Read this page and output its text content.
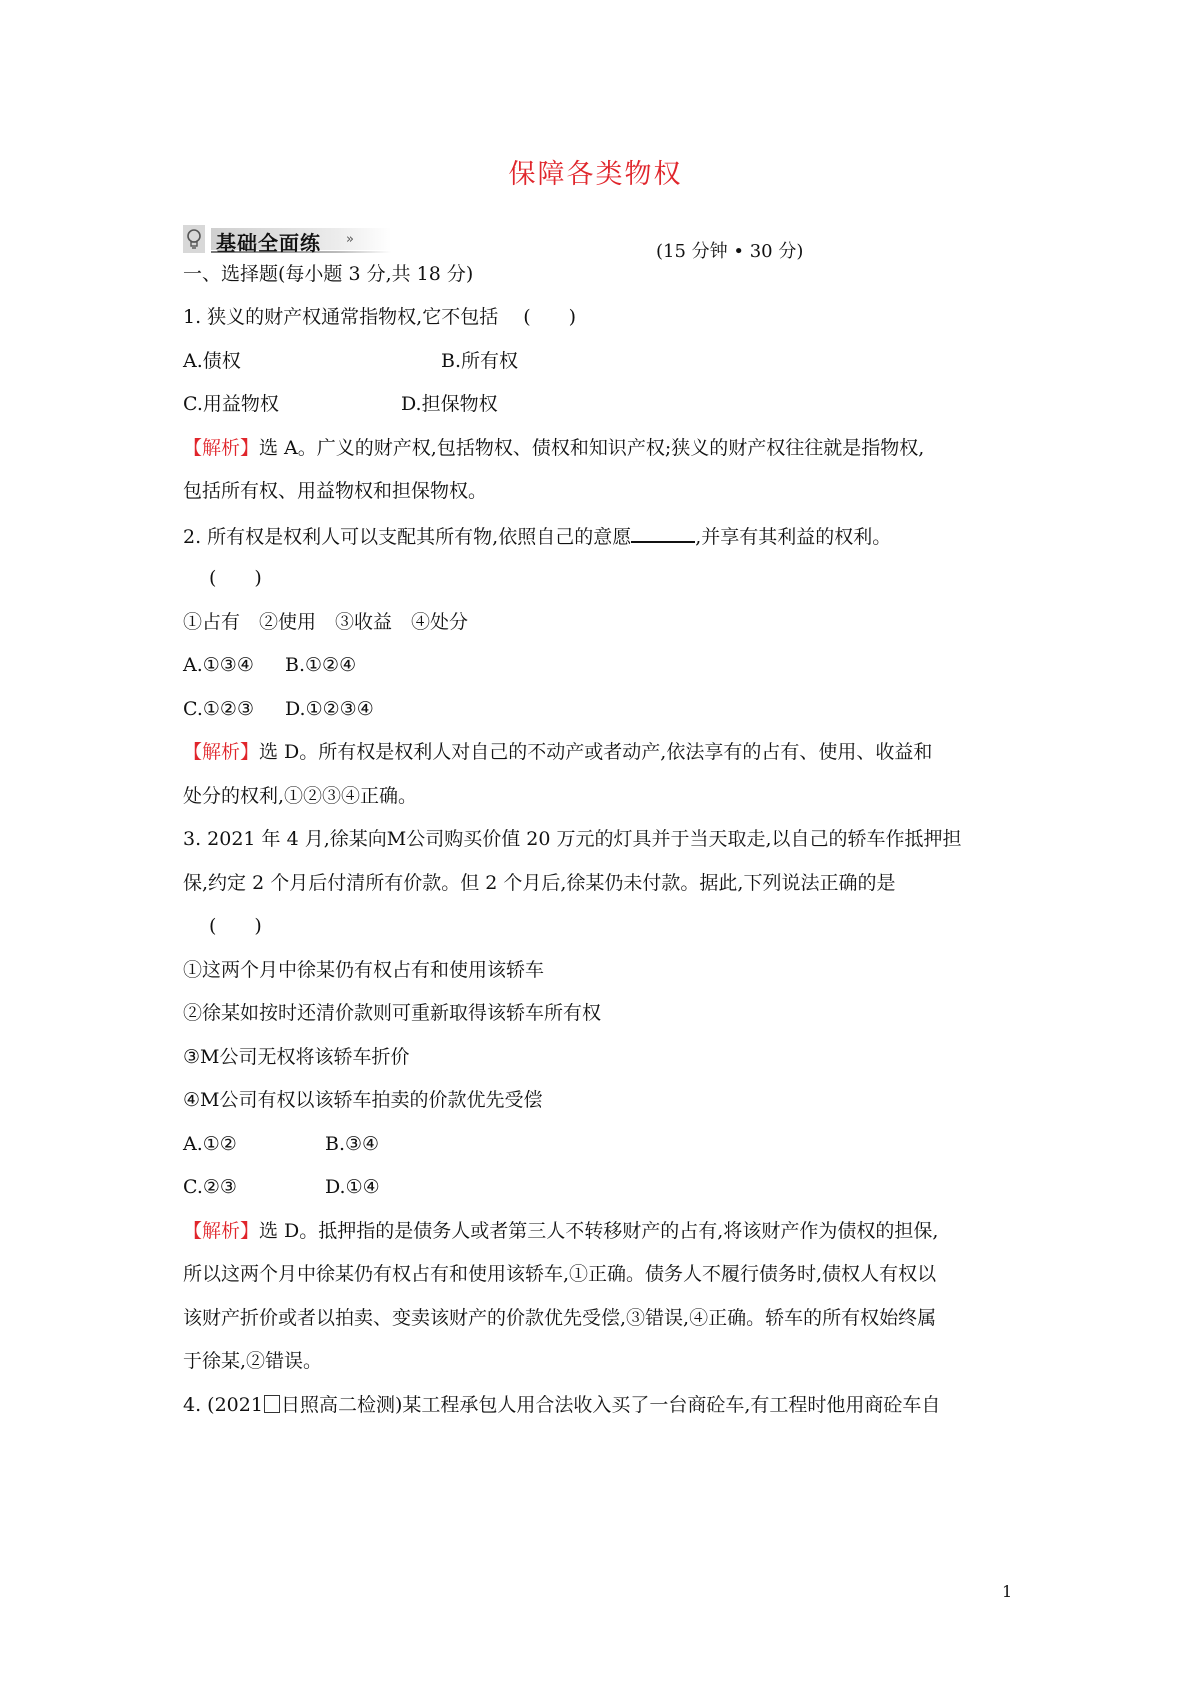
保障各类物权
基础全面练 »
(15 分钟 • 30 分)
一、选择题(每小题 3 分,共 18 分)
1. 狭义的财产权通常指物权,它不包括　 (　　)
A.债权	B.所有权
C.用益物权	D.担保物权
【解析】选 A。广义的财产权,包括物权、债权和知识产权;狭义的财产权往往就是指物权,
包括所有权、用益物权和担保物权。
2. 所有权是权利人可以支配其所有物,依照自己的意愿	,并享有其利益的权利。
(　　)
①占有　②使用　③收益　④处分
A.①③④ B.①②④
C.①②③ D.①②③④
【解析】选 D。所有权是权利人对自己的不动产或者动产,依法享有的占有、使用、收益和
处分的权利,①②③④正确。
3. 2021 年 4 月,徐某向M公司购买价值 20 万元的灯具并于当天取走,以自己的轿车作抵押担
保,约定 2 个月后付清所有价款。但 2 个月后,徐某仍未付款。据此,下列说法正确的是
(　　)
①这两个月中徐某仍有权占有和使用该轿车
②徐某如按时还清价款则可重新取得该轿车所有权
③M公司无权将该轿车折价
④M公司有权以该轿车拍卖的价款优先受偿
A.①②	B.③④
C.②③	D.①④
【解析】选 D。抵押指的是债务人或者第三人不转移财产的占有,将该财产作为债权的担保,
所以这两个月中徐某仍有权占有和使用该轿车,①正确。债务人不履行债务时,债权人有权以
该财产折价或者以拍卖、变卖该财产的价款优先受偿,③错误,④正确。轿车的所有权始终属
于徐某,②错误。
4. (2021 日照高二检测)某工程承包人用合法收入买了一台商砼车,有工程时他用商砼车自
1
